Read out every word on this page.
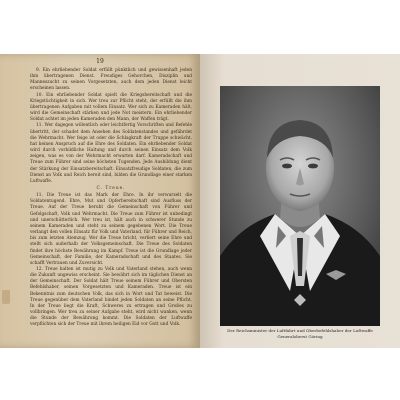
19

9. Ein ehrliebender Soldat erfüllt pünktlich und gewissenhaft jeden ihm übertragenen Dienst. Freudiges Gehorchen, Disziplin und Manneszucht zu seinen Vorgesetzten, auch dem jeden Dienst leicht erscheinen lassen.

10. Ein ehrliebender Soldat spielt die Kriegsbereitschaft und die Kriegstüchtigkeit in sich. Wer treu zur Pflicht steht, der erfüllt die ihm übertragenen Aufgaben mit vollem Einsatz. Wer sich zu Kameraden hält, wird die Gemeinschaft stärken und jede Not meistern. Ein ehrliebender Soldat achtet im jeden Kameraden den Mann, der Waffen trägt.

11. Wer dagegen willentlich oder leichtfertig Vorschriften und Befehle übertritt, der schadet dem Ansehen des Soldatenstandes und gefährdet die Wehrmacht. Wer feige ist oder die Schlagkraft der Truppe schwächt, hat keinen Anspruch auf die Ehre des Soldaten. Ein ehrliebender Soldat wird durch vorbildliche Haltung und durch seinen Einsatz dem Volk zeigen, was es von der Wehrmacht erwarten darf. Kameradschaft und Treue zum Führer sind seine höchsten Tugenden. Jede Ausbildung dient der Stärkung der Einsatzbereitschaft. Einsatzfreudige Soldaten, die zum Dienst an Volk und Reich bereit sind, bilden die Grundlage einer starken Luftwaffe.

C. Treue.

11. Die Treue ist das Mark der Ehre. In ihr verwurzelt die Soldatentugend. Ehre, Mut und Opferbereitschaft sind Ausfluss der Treue. Auf der Treue beruht die Gemeinschaft von Führer und Gefolgschaft, Volk und Wehrmacht. Die Treue zum Führer ist unbedingt und unerschütterlich. Wer treu ist, hält auch in schwerer Stunde zu seinem Kameraden und steht zu seinem gegebenen Wort. Die Treue verlangt den vollen Einsatz für Volk und Vaterland, für Führer und Reich, bis zum letzten Atemzug. Wer die Treue bricht, verliert seine Ehre und stellt sich außerhalb der Volksgemeinschaft. Die Treue des Soldaten findet ihre höchste Bewährung im Kampf. Treue ist die Grundlage jeder Gemeinschaft, der Familie, der Kameradschaft und des Staates. Sie schafft Vertrauen und Zuversicht.

12. Treue halten ist mutig zu Volk und Vaterland stehen, auch wenn die Zukunft ungewiss erscheint. Sie bewährt sich im täglichen Dienst an der Gemeinschaft. Der Soldat hält Treue seinem Führer und Obersten Befehlshaber, seinen Vorgesetzten und Kameraden. Treue ist ein Bekenntnis zum deutschen Volk, das sich in Wort und Tat beweist. Die Treue gegenüber dem Vaterland bindet jeden Soldaten an seine Pflicht. In der Treue liegt die Kraft, Schweres zu ertragen und Großes zu vollbringen. Wer treu zu seiner Aufgabe steht, wird nicht wanken, wenn die Stunde der Bewährung kommt. Die Soldaten der Luftwaffe verpflichten sich der Treue mit ihrem heiligen Eid vor Gott und Volk.

Der Reichsminister der Luftfahrt und Oberbefehlshaber der Luftwaffe
Generaloberst Göring
